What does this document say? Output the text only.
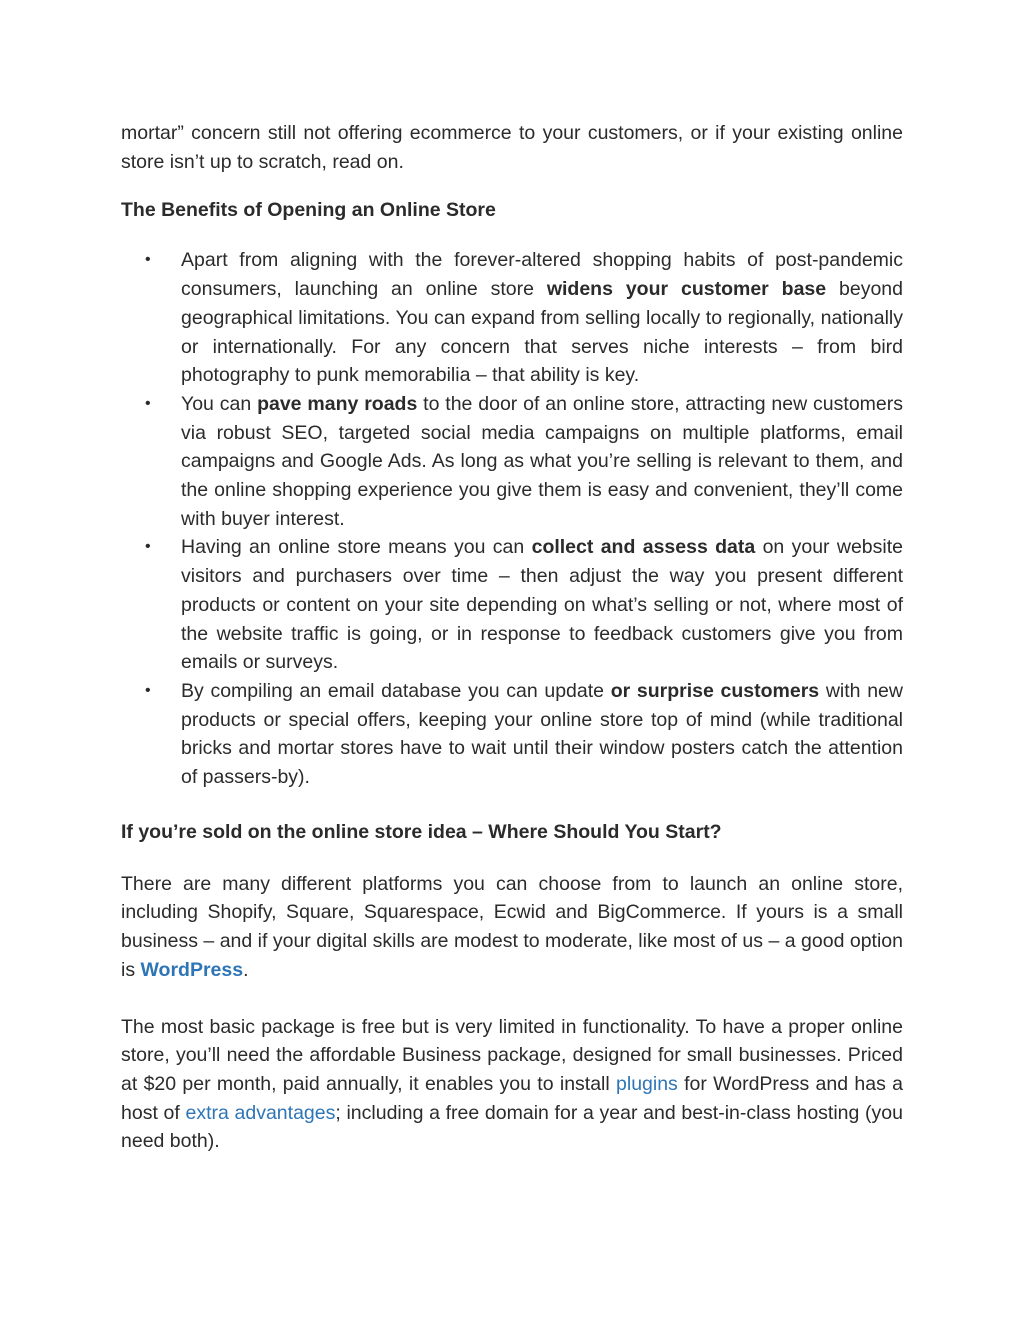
mortar” concern still not offering ecommerce to your customers, or if your existing online store isn’t up to scratch, read on.

The Benefits of Opening an Online Store
• Apart from aligning with the forever-altered shopping habits of post-pandemic consumers, launching an online store widens your customer base beyond geographical limitations. You can expand from selling locally to regionally, nationally or internationally. For any concern that serves niche interests – from bird photography to punk memorabilia – that ability is key.
• You can pave many roads to the door of an online store, attracting new customers via robust SEO, targeted social media campaigns on multiple platforms, email campaigns and Google Ads. As long as what you’re selling is relevant to them, and the online shopping experience you give them is easy and convenient, they’ll come with buyer interest.
• Having an online store means you can collect and assess data on your website visitors and purchasers over time – then adjust the way you present different products or content on your site depending on what’s selling or not, where most of the website traffic is going, or in response to feedback customers give you from emails or surveys.
• By compiling an email database you can update or surprise customers with new products or special offers, keeping your online store top of mind (while traditional bricks and mortar stores have to wait until their window posters catch the attention of passers-by).
If you’re sold on the online store idea – Where Should You Start?

There are many different platforms you can choose from to launch an online store, including Shopify, Square, Squarespace, Ecwid and BigCommerce. If yours is a small business – and if your digital skills are modest to moderate, like most of us – a good option is WordPress.

The most basic package is free but is very limited in functionality. To have a proper online store, you’ll need the affordable Business package, designed for small businesses. Priced at $20 per month, paid annually, it enables you to install plugins for WordPress and has a host of extra advantages; including a free domain for a year and best-in-class hosting (you need both).
